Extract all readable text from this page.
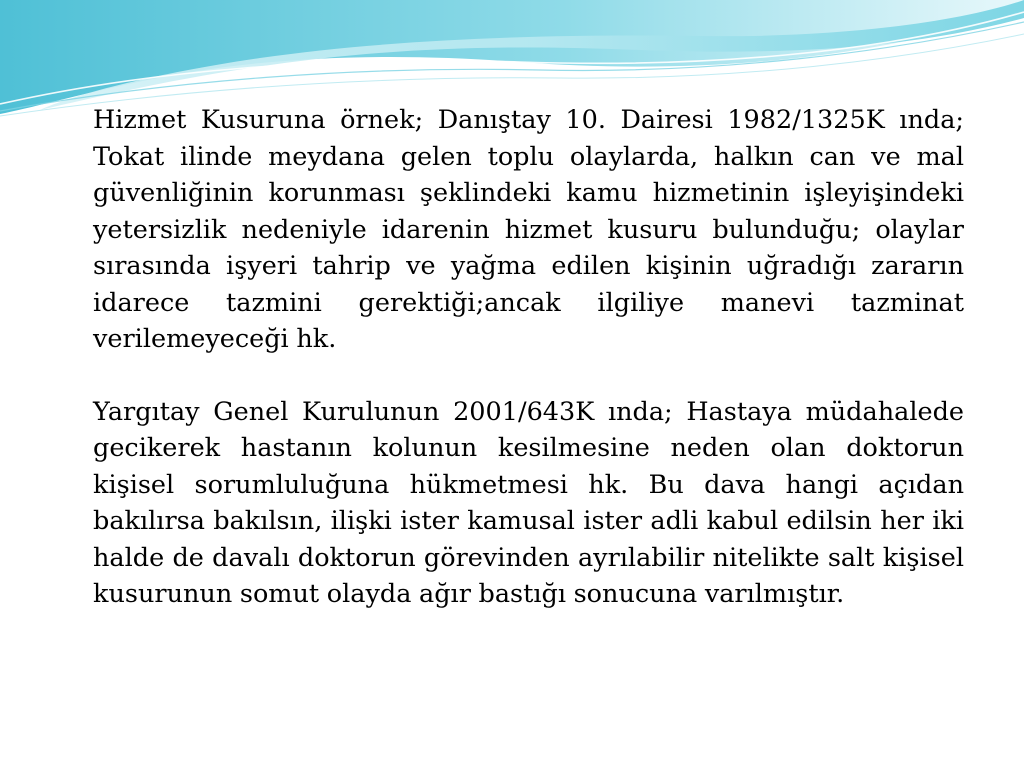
Hizmet Kusuruna örnek; Danıştay 10. Dairesi 1982/1325K ında; Tokat ilinde meydana gelen toplu olaylarda, halkın can ve mal güvenliğinin korunması şeklindeki kamu hizmetinin işleyişindeki yetersizlik nedeniyle idarenin hizmet kusuru bulunduğu; olaylar sırasında işyeri tahrip ve yağma edilen kişinin uğradığı zararın idarece tazmini gerektiği;ancak ilgiliye manevi tazminat verilemeyeceği hk.

Yargıtay Genel Kurulunun 2001/643K ında; Hastaya müdahalede gecikerek hastanın kolunun kesilmesine neden olan doktorun kişisel sorumluluğuna hükmetmesi hk. Bu dava hangi açıdan bakılırsa bakılsın, ilişki ister kamusal ister adli kabul edilsin her iki halde de davalı doktorun görevinden ayrılabilir nitelikte salt kişisel kusurunun somut olayda ağır bastığı sonucuna varılmıştır.
